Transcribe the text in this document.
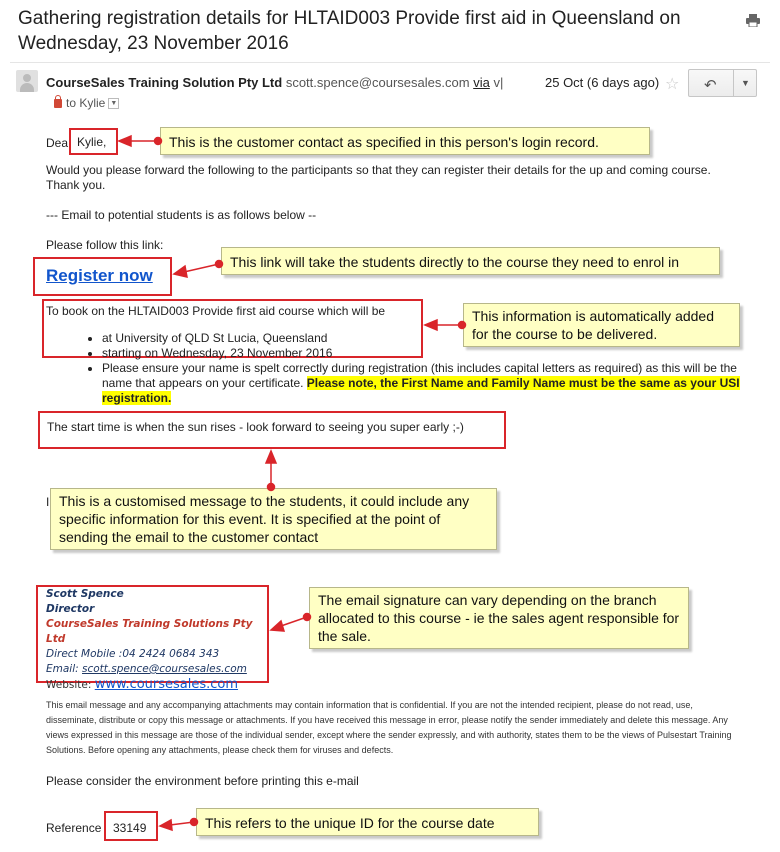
Gathering registration details for HLTAID003 Provide first aid in Queensland on Wednesday, 23 November 2016
CourseSales Training Solution Pty Ltd scott.spence@coursesales.com via v|	25 Oct (6 days ago) ☆ ↶	▼
to Kylie ▼
Dea Kylie,
Would you please forward the following to the participants so that they can register their details for the up and coming course. Thank you.
--- Email to potential students is as follows below --
Please follow this link:
Register now
To book on the HLTAID003 Provide first aid course which will be
• at University of QLD St Lucia, Queensland
• starting on Wednesday, 23 November 2016
• Please ensure your name is spelt correctly during registration (this includes capital letters as required) as this will be the name that appears on your certificate. Please note, the First Name and Family Name must be the same as your USI registration.
The start time is when the sun rises - look forward to seeing you super early ;-)
I
Scott Spence
Director
CourseSales Training Solutions Pty Ltd
Direct Mobile :04 2424 0684 343
Email: scott.spence@coursesales.com
Website: www.coursesales.com
This email message and any accompanying attachments may contain information that is confidential. If you are not the intended recipient, please do not read, use, disseminate, distribute or copy this message or attachments. If you have received this message in error, please notify the sender immediately and delete this message. Any views expressed in this message are those of the individual sender, except where the sender expressly, and with authority, states them to be the views of Pulsestart Training Solutions. Before opening any attachments, please check them for viruses and defects.
Please consider the environment before printing this e-mail
Reference 33149
This is the customer contact as specified in this person's login record.
This link will take the students directly to the course they need to enrol in
This information is automatically added for the course to be delivered.
This is a customised message to the students, it could include any specific information for this event. It is specified at the point of sending the email to the customer contact
The email signature can vary depending on the branch allocated to this course - ie the sales agent responsible for the sale.
This refers to the unique ID for the course date
